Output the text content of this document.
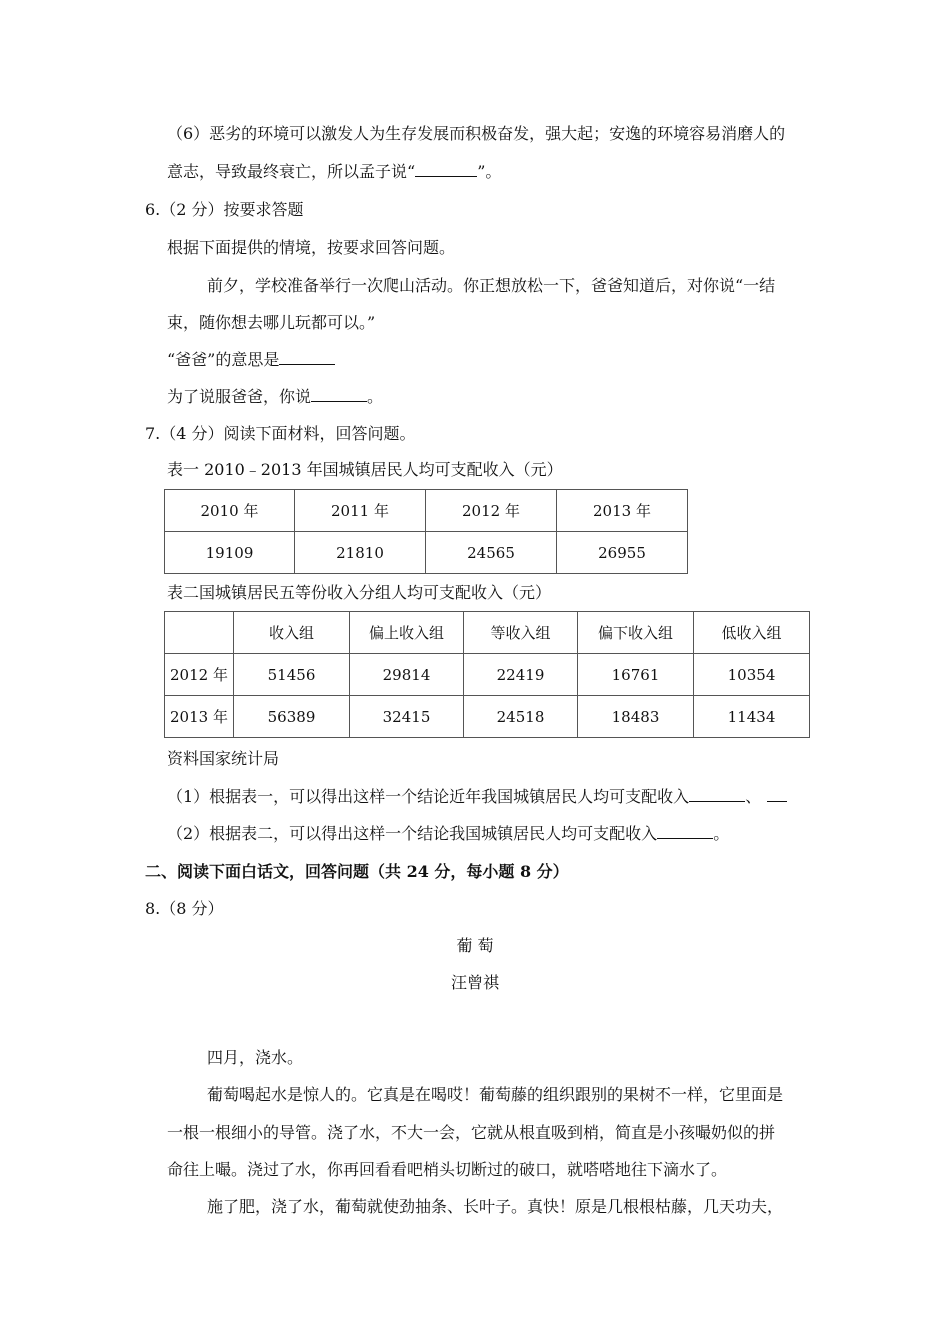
（6）恶劣的环境可以激发人为生存发展而积极奋发，强大起；安逸的环境容易消磨人的
意志，导致最终衰亡，所以孟子说“	”。
6.（2 分）按要求答题
根据下面提供的情境，按要求回答问题。
前夕，学校准备举行一次爬山活动。你正想放松一下，爸爸知道后，对你说“一结
束，随你想去哪儿玩都可以。”
“爸爸”的意思是
为了说服爸爸，你说	。
7.（4 分）阅读下面材料，回答问题。
表一 2010﹣2013 年国城镇居民人均可支配收入（元）
2010 年	2011 年	2012 年	2013 年
19109	21810	24565	26955
表二国城镇居民五等份收入分组人均可支配收入（元）
	收入组	偏上收入组	等收入组	偏下收入组	低收入组
2012 年	51456	29814	22419	16761	10354
2013 年	56389	32415	24518	18483	11434
资料国家统计局
（1）根据表一，可以得出这样一个结论近年我国城镇居民人均可支配收入	、
（2）根据表二，可以得出这样一个结论我国城镇居民人均可支配收入	。
二、阅读下面白话文，回答问题（共 24 分，每小题 8 分）
8.（8 分）
葡 萄
汪曾祺
四月，浇水。
葡萄喝起水是惊人的。它真是在喝哎！葡萄藤的组织跟别的果树不一样，它里面是
一根一根细小的导管。浇了水，不大一会，它就从根直吸到梢，简直是小孩嘬奶似的拼
命往上嘬。浇过了水，你再回看看吧梢头切断过的破口，就嗒嗒地往下滴水了。
施了肥，浇了水，葡萄就使劲抽条、长叶子。真快！原是几根根枯藤，几天功夫，
